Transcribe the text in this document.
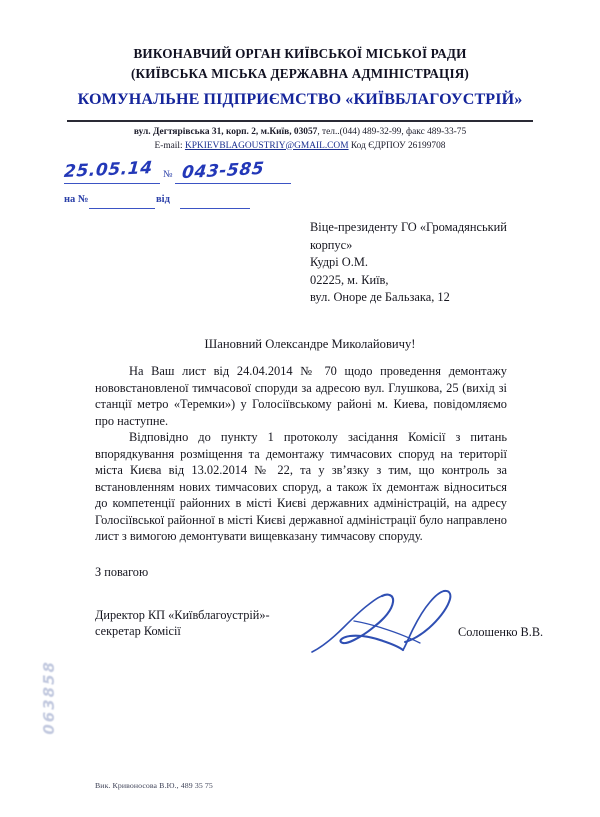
ВИКОНАВЧИЙ ОРГАН КИЇВСЬКОЇ МІСЬКОЇ РАДИ
(КИЇВСЬКА МІСЬКА ДЕРЖАВНА АДМІНІСТРАЦІЯ)
КОМУНАЛЬНЕ ПІДПРИЄМСТВО «КИЇВБЛАГОУСТРІЙ»
вул. Дегтярівська 31, корп. 2, м.Київ, 03057, тел..(044) 489-32-99, факс 489-33-75
E-mail: KPKIEVBLAGOUSTRIY@GMAIL.COM Код ЄДРПОУ 26199708
25.05.14 № 043-585
на №	від
Віце-президенту ГО «Громадянський
корпус»
Кудрі О.М.
02225, м. Київ,
вул. Оноре де Бальзака, 12
Шановний Олександре Миколайовичу!

На Ваш лист від 24.04.2014 № 70 щодо проведення демонтажу нововстановленої тимчасової споруди за адресою вул. Глушкова, 25 (вихід зі станції метро «Теремки») у Голосіївському районі м. Киева, повідомляємо про наступне.

Відповідно до пункту 1 протоколу засідання Комісії з питань впорядкування розміщення та демонтажу тимчасових споруд на території міста Києва від 13.02.2014 № 22, та у зв’язку з тим, що контроль за встановленням нових тимчасових споруд, а також їх демонтаж відноситься до компетенції районних в місті Києві державних адміністрацій, на адресу Голосіївської районної в місті Києві державної адміністрації було направлено лист з вимогою демонтувати вищевказану тимчасову споруду.

З повагою
Директор КП «Київблагоустрій»-
секретар Комісії	Солошенко В.В.
063858
Вик. Кривоносова В.Ю., 489 35 75
